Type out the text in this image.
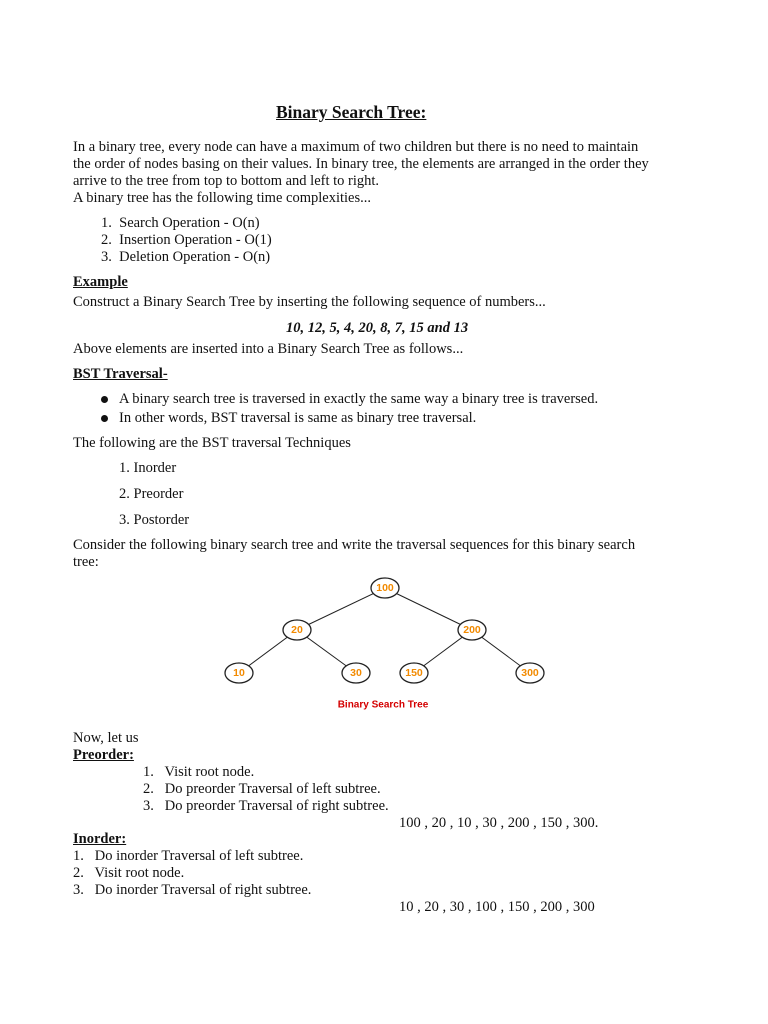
Binary Search Tree:
In a binary tree, every node can have a maximum of two children but there is no need to maintain
the order of nodes basing on their values. In binary tree, the elements are arranged in the order they
arrive to the tree from top to bottom and left to right.
A binary tree has the following time complexities...
1.  Search Operation - O(n)
2.  Insertion Operation - O(1)
3.  Deletion Operation - O(n)
Example
Construct a Binary Search Tree by inserting the following sequence of numbers...
10, 12, 5, 4, 20, 8, 7, 15 and 13
Above elements are inserted into a Binary Search Tree as follows...
BST Traversal-
A binary search tree is traversed in exactly the same way a binary tree is traversed.
In other words, BST traversal is same as binary tree traversal.
The following are the BST traversal Techniques
1. Inorder
2. Preorder
3. Postorder
Consider the following binary search tree and write the traversal sequences for this binary search
tree:
100
20	200
10	30	150	300
Binary Search Tree
Now, let us
Preorder:
1.   Visit root node.
2.   Do preorder Traversal of left subtree.
3.   Do preorder Traversal of right subtree.
100 , 20 , 10 , 30 , 200 , 150 , 300.
Inorder:
1.   Do inorder Traversal of left subtree.
2.   Visit root node.
3.   Do inorder Traversal of right subtree.
10 , 20 , 30 , 100 , 150 , 200 , 300
